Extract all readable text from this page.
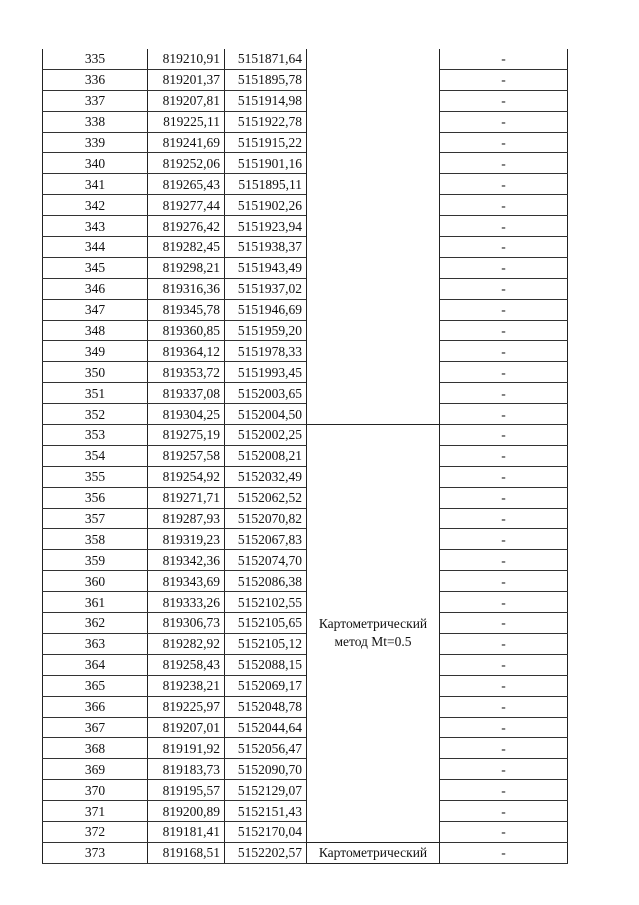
335	819210,91	5151871,64		-
336	819201,37	5151895,78		-
337	819207,81	5151914,98		-
338	819225,11	5151922,78		-
339	819241,69	5151915,22		-
340	819252,06	5151901,16		-
341	819265,43	5151895,11		-
342	819277,44	5151902,26		-
343	819276,42	5151923,94		-
344	819282,45	5151938,37		-
345	819298,21	5151943,49		-
346	819316,36	5151937,02		-
347	819345,78	5151946,69		-
348	819360,85	5151959,20		-
349	819364,12	5151978,33		-
350	819353,72	5151993,45		-
351	819337,08	5152003,65		-
352	819304,25	5152004,50		-
353	819275,19	5152002,25	Картометрический
метод Mt=0.5	-
354	819257,58	5152008,21		-
355	819254,92	5152032,49		-
356	819271,71	5152062,52		-
357	819287,93	5152070,82		-
358	819319,23	5152067,83		-
359	819342,36	5152074,70		-
360	819343,69	5152086,38		-
361	819333,26	5152102,55		-
362	819306,73	5152105,65		-
363	819282,92	5152105,12		-
364	819258,43	5152088,15		-
365	819238,21	5152069,17		-
366	819225,97	5152048,78		-
367	819207,01	5152044,64		-
368	819191,92	5152056,47		-
369	819183,73	5152090,70		-
370	819195,57	5152129,07		-
371	819200,89	5152151,43		-
372	819181,41	5152170,04		-
373	819168,51	5152202,57	Картометрический	-
